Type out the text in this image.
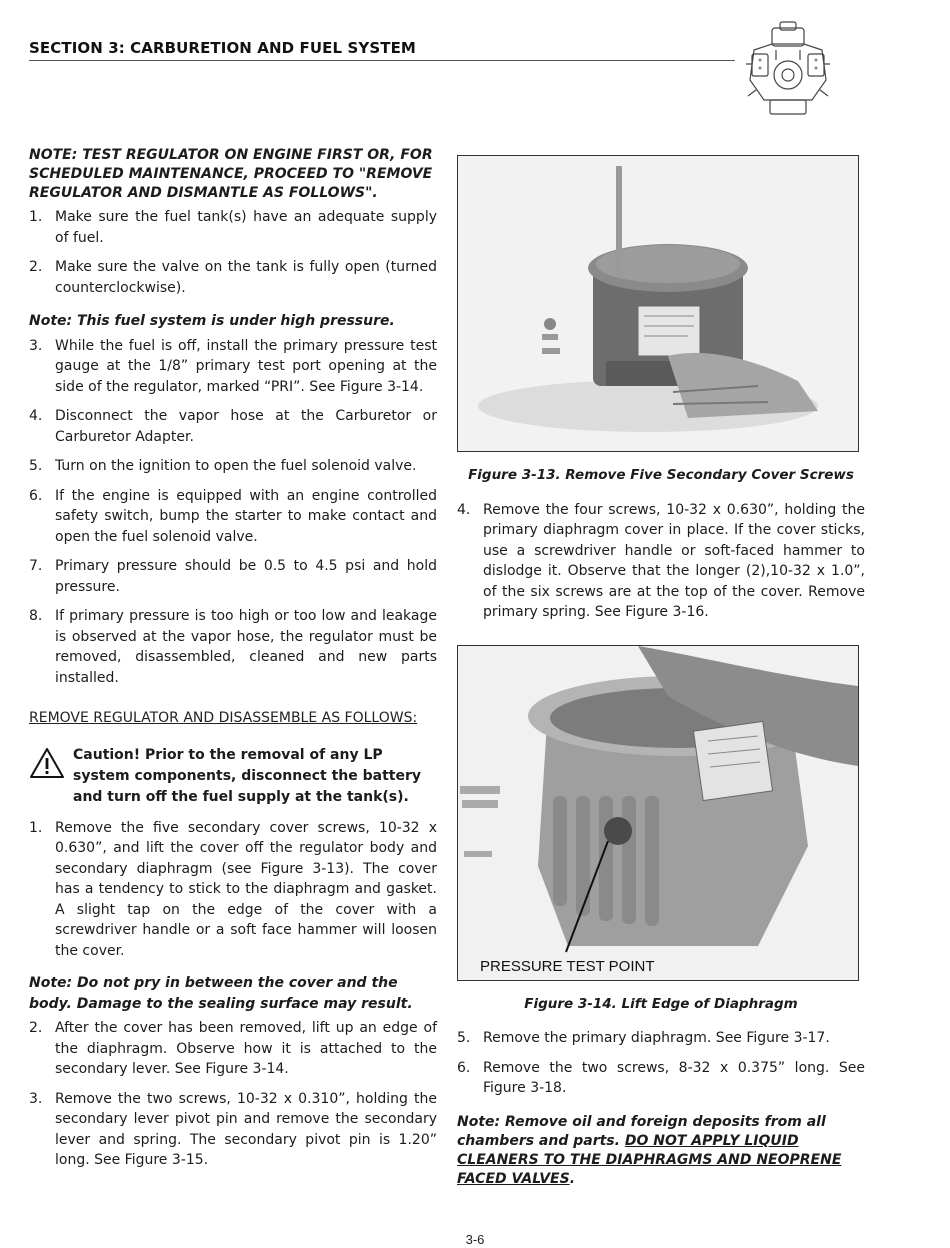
SECTION 3: CARBURETION AND FUEL SYSTEM

NOTE: TEST REGULATOR ON ENGINE FIRST OR, FOR SCHEDULED MAINTENANCE, PROCEED TO "REMOVE REGULATOR AND DISMANTLE AS FOLLOWS".

1. Make sure the fuel tank(s) have an adequate supply of fuel.
2. Make sure the valve on the tank is fully open (turned counterclockwise).

Note: This fuel system is under high pressure.

3. While the fuel is off, install the primary pressure test gauge at the 1/8” primary test port opening at the side of the regulator, marked “PRI”. See Figure 3-14.
4. Disconnect the vapor hose at the Carburetor or Carburetor Adapter.
5. Turn on the ignition to open the fuel solenoid valve.
6. If the engine is equipped with an engine controlled safety switch, bump the starter to make contact and open the fuel solenoid valve.
7. Primary pressure should be 0.5 to 4.5 psi and hold pressure.
8. If primary pressure is too high or too low and leakage is observed at the vapor hose, the regulator must be removed, disassembled, cleaned and new parts installed.
REMOVE REGULATOR AND DISASSEMBLE AS FOLLOWS:
Caution! Prior to the removal of any LP system components, disconnect the battery and turn off the fuel supply at the tank(s).
1. Remove the five secondary cover screws, 10-32 x 0.630”, and lift the cover off the regulator body and secondary diaphragm (see Figure 3-13). The cover has a tendency to stick to the diaphragm and gasket. A slight tap on the edge of the cover with a screwdriver handle or a soft face hammer will loosen the cover.

Note: Do not pry in between the cover and the body. Damage to the sealing surface may result.

2. After the cover has been removed, lift up an edge of the diaphragm. Observe how it is attached to the secondary lever. See Figure 3-14.
3. Remove the two screws, 10-32 x 0.310”, holding the secondary lever pivot pin and remove the secondary lever and spring. The secondary pivot pin is 1.20” long. See Figure 3-15.
Figure 3-13. Remove Five Secondary Cover Screws
4. Remove the four screws, 10-32 x 0.630”, holding the primary diaphragm cover in place. If the cover sticks, use a screwdriver handle or soft-faced hammer to dislodge it. Observe that the longer (2),10-32 x 1.0”, of the six screws are at the top of the cover. Remove primary spring. See Figure 3-16.
PRESSURE TEST POINT
Figure 3-14. Lift Edge of Diaphragm
5. Remove the primary diaphragm. See Figure 3-17.
6. Remove the two screws, 8-32 x 0.375” long. See Figure 3-18.

Note: Remove oil and foreign deposits from all chambers and parts. DO NOT APPLY LIQUID CLEANERS TO THE DIAPHRAGMS AND NEOPRENE FACED VALVES.

3-6
